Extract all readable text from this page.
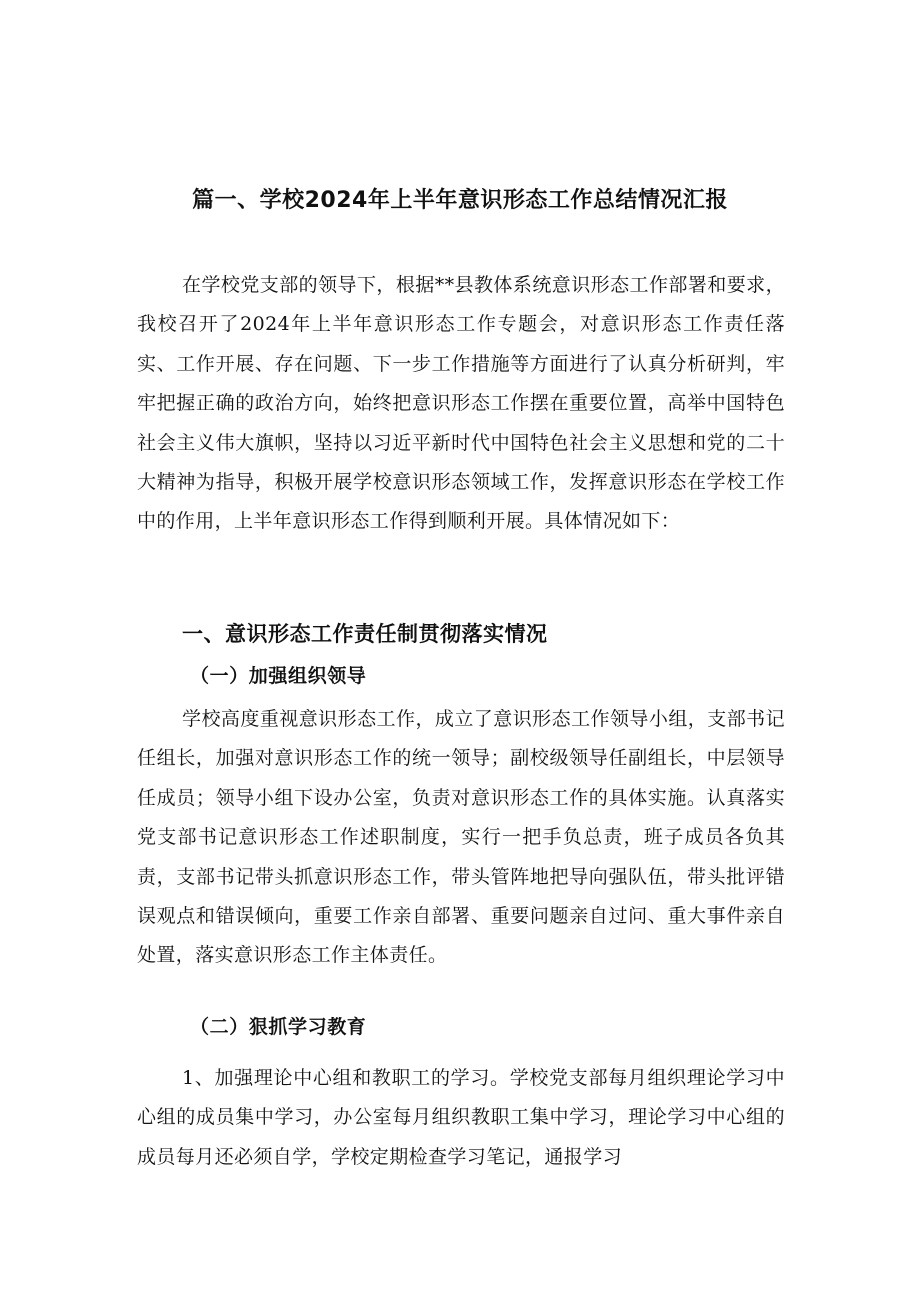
篇一、学校2024年上半年意识形态工作总结情况汇报

在学校党支部的领导下，根据**县教体系统意识形态工作部署和要求，我校召开了2024年上半年意识形态工作专题会，对意识形态工作责任落实、工作开展、存在问题、下一步工作措施等方面进行了认真分析研判，牢牢把握正确的政治方向，始终把意识形态工作摆在重要位置，高举中国特色社会主义伟大旗帜，坚持以习近平新时代中国特色社会主义思想和党的二十大精神为指导，积极开展学校意识形态领域工作，发挥意识形态在学校工作中的作用，上半年意识形态工作得到顺利开展。具体情况如下：

一、意识形态工作责任制贯彻落实情况
（一）加强组织领导

学校高度重视意识形态工作，成立了意识形态工作领导小组，支部书记任组长，加强对意识形态工作的统一领导；副校级领导任副组长，中层领导任成员；领导小组下设办公室，负责对意识形态工作的具体实施。认真落实党支部书记意识形态工作述职制度，实行一把手负总责，班子成员各负其责，支部书记带头抓意识形态工作，带头管阵地把导向强队伍，带头批评错误观点和错误倾向，重要工作亲自部署、重要问题亲自过问、重大事件亲自处置，落实意识形态工作主体责任。

（二）狠抓学习教育

1、加强理论中心组和教职工的学习。学校党支部每月组织理论学习中心组的成员集中学习，办公室每月组织教职工集中学习，理论学习中心组的成员每月还必须自学，学校定期检查学习笔记，通报学习
